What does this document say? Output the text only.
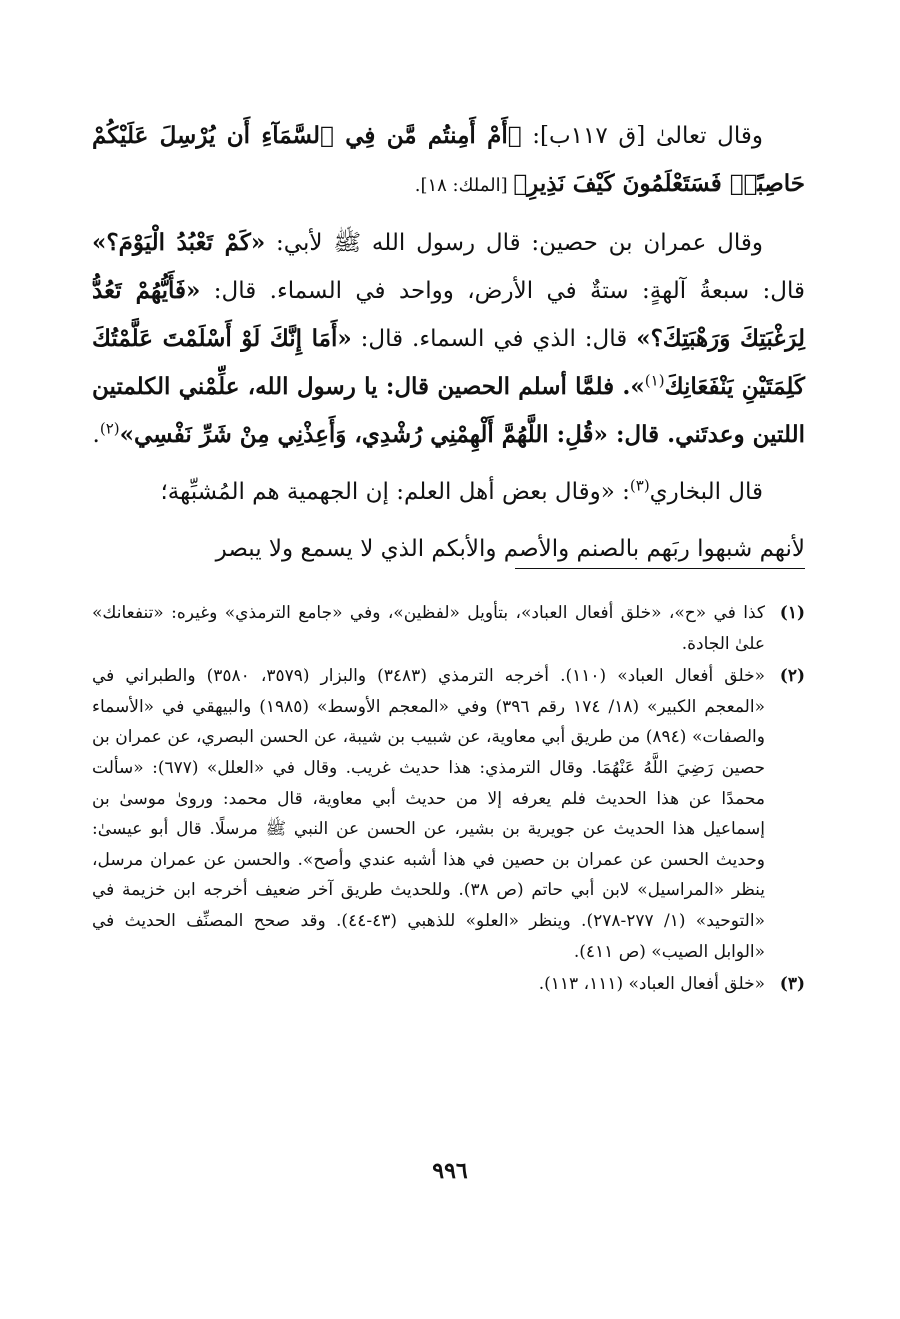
وقال تعالىٰ [ق ١١٧ب]: ﴿أَمْ أَمِنتُم مَّن فِي ٱلسَّمَآءِ أَن يُرْسِلَ عَلَيْكُمْ حَاصِبًاۖ فَسَتَعْلَمُونَ كَيْفَ نَذِيرِ﴾ [الملك: ١٨].

وقال عمران بن حصين: قال رسول الله ﷺ لأبي: «كَمْ تَعْبُدُ الْيَوْمَ؟» قال: سبعةُ آلهةٍ: ستةٌ في الأرض، وواحد في السماء. قال: «فَأَيُّهُمْ تَعُدُّ لِرَغْبَتِكَ وَرَهْبَتِكَ؟» قال: الذي في السماء. قال: «أَمَا إِنَّكَ لَوْ أَسْلَمْتَ عَلَّمْتُكَ كَلِمَتَيْنِ يَنْفَعَانِكَ$^{(١)}$». فلمَّا أسلم الحصين قال: يا رسول الله، علِّمْني الكلمتين اللتين وعدتَني. قال: «قُلِ: اللَّهُمَّ أَلْهِمْنِي رُشْدِي، وَأَعِذْنِي مِنْ شَرِّ نَفْسِي»$^{(٢)}$.

قال البخاري$^{(٣)}$: «وقال بعض أهل العلم: إن الجهمية هم المُشبِّهة؛

لأنهم شبهوا ربَهم بالصنم والأصم والأبكم الذي لا يسمع ولا يبصر

(١)
كذا في «ح»، «خلق أفعال العباد»، بتأويل «لفظين»، وفي «جامع الترمذي» وغيره: «تنفعانك» علىٰ الجادة.
(٢)
«خلق أفعال العباد» (١١٠). أخرجه الترمذي (٣٤٨٣) والبزار (٣٥٧٩، ٣٥٨٠) والطبراني في «المعجم الكبير» (١٨/ ١٧٤ رقم ٣٩٦) وفي «المعجم الأوسط» (١٩٨٥) والبيهقي في «الأسماء والصفات» (٨٩٤) من طريق أبي معاوية، عن شبيب بن شيبة، عن الحسن البصري، عن عمران بن حصين رَضِيَ اللَّهُ عَنْهُمَا. وقال الترمذي: هذا حديث غريب. وقال في «العلل» (٦٧٧): «سألت محمدًا عن هذا الحديث فلم يعرفه إلا من حديث أبي معاوية، قال محمد: وروىٰ موسىٰ بن إسماعيل هذا الحديث عن جويرية بن بشير، عن الحسن عن النبي ﷺ مرسلًا. قال أبو عيسىٰ: وحديث الحسن عن عمران بن حصين في هذا أشبه عندي وأصح». والحسن عن عمران مرسل، ينظر «المراسيل» لابن أبي حاتم (ص ٣٨). وللحديث طريق آخر ضعيف أخرجه ابن خزيمة في «التوحيد» (١/ ٢٧٧-٢٧٨). وينظر «العلو» للذهبي (٤٣-٤٤). وقد صحح المصنِّف الحديث في «الوابل الصيب» (ص ٤١١).
(٣)
«خلق أفعال العباد» (١١١، ١١٣).
٩٩٦
